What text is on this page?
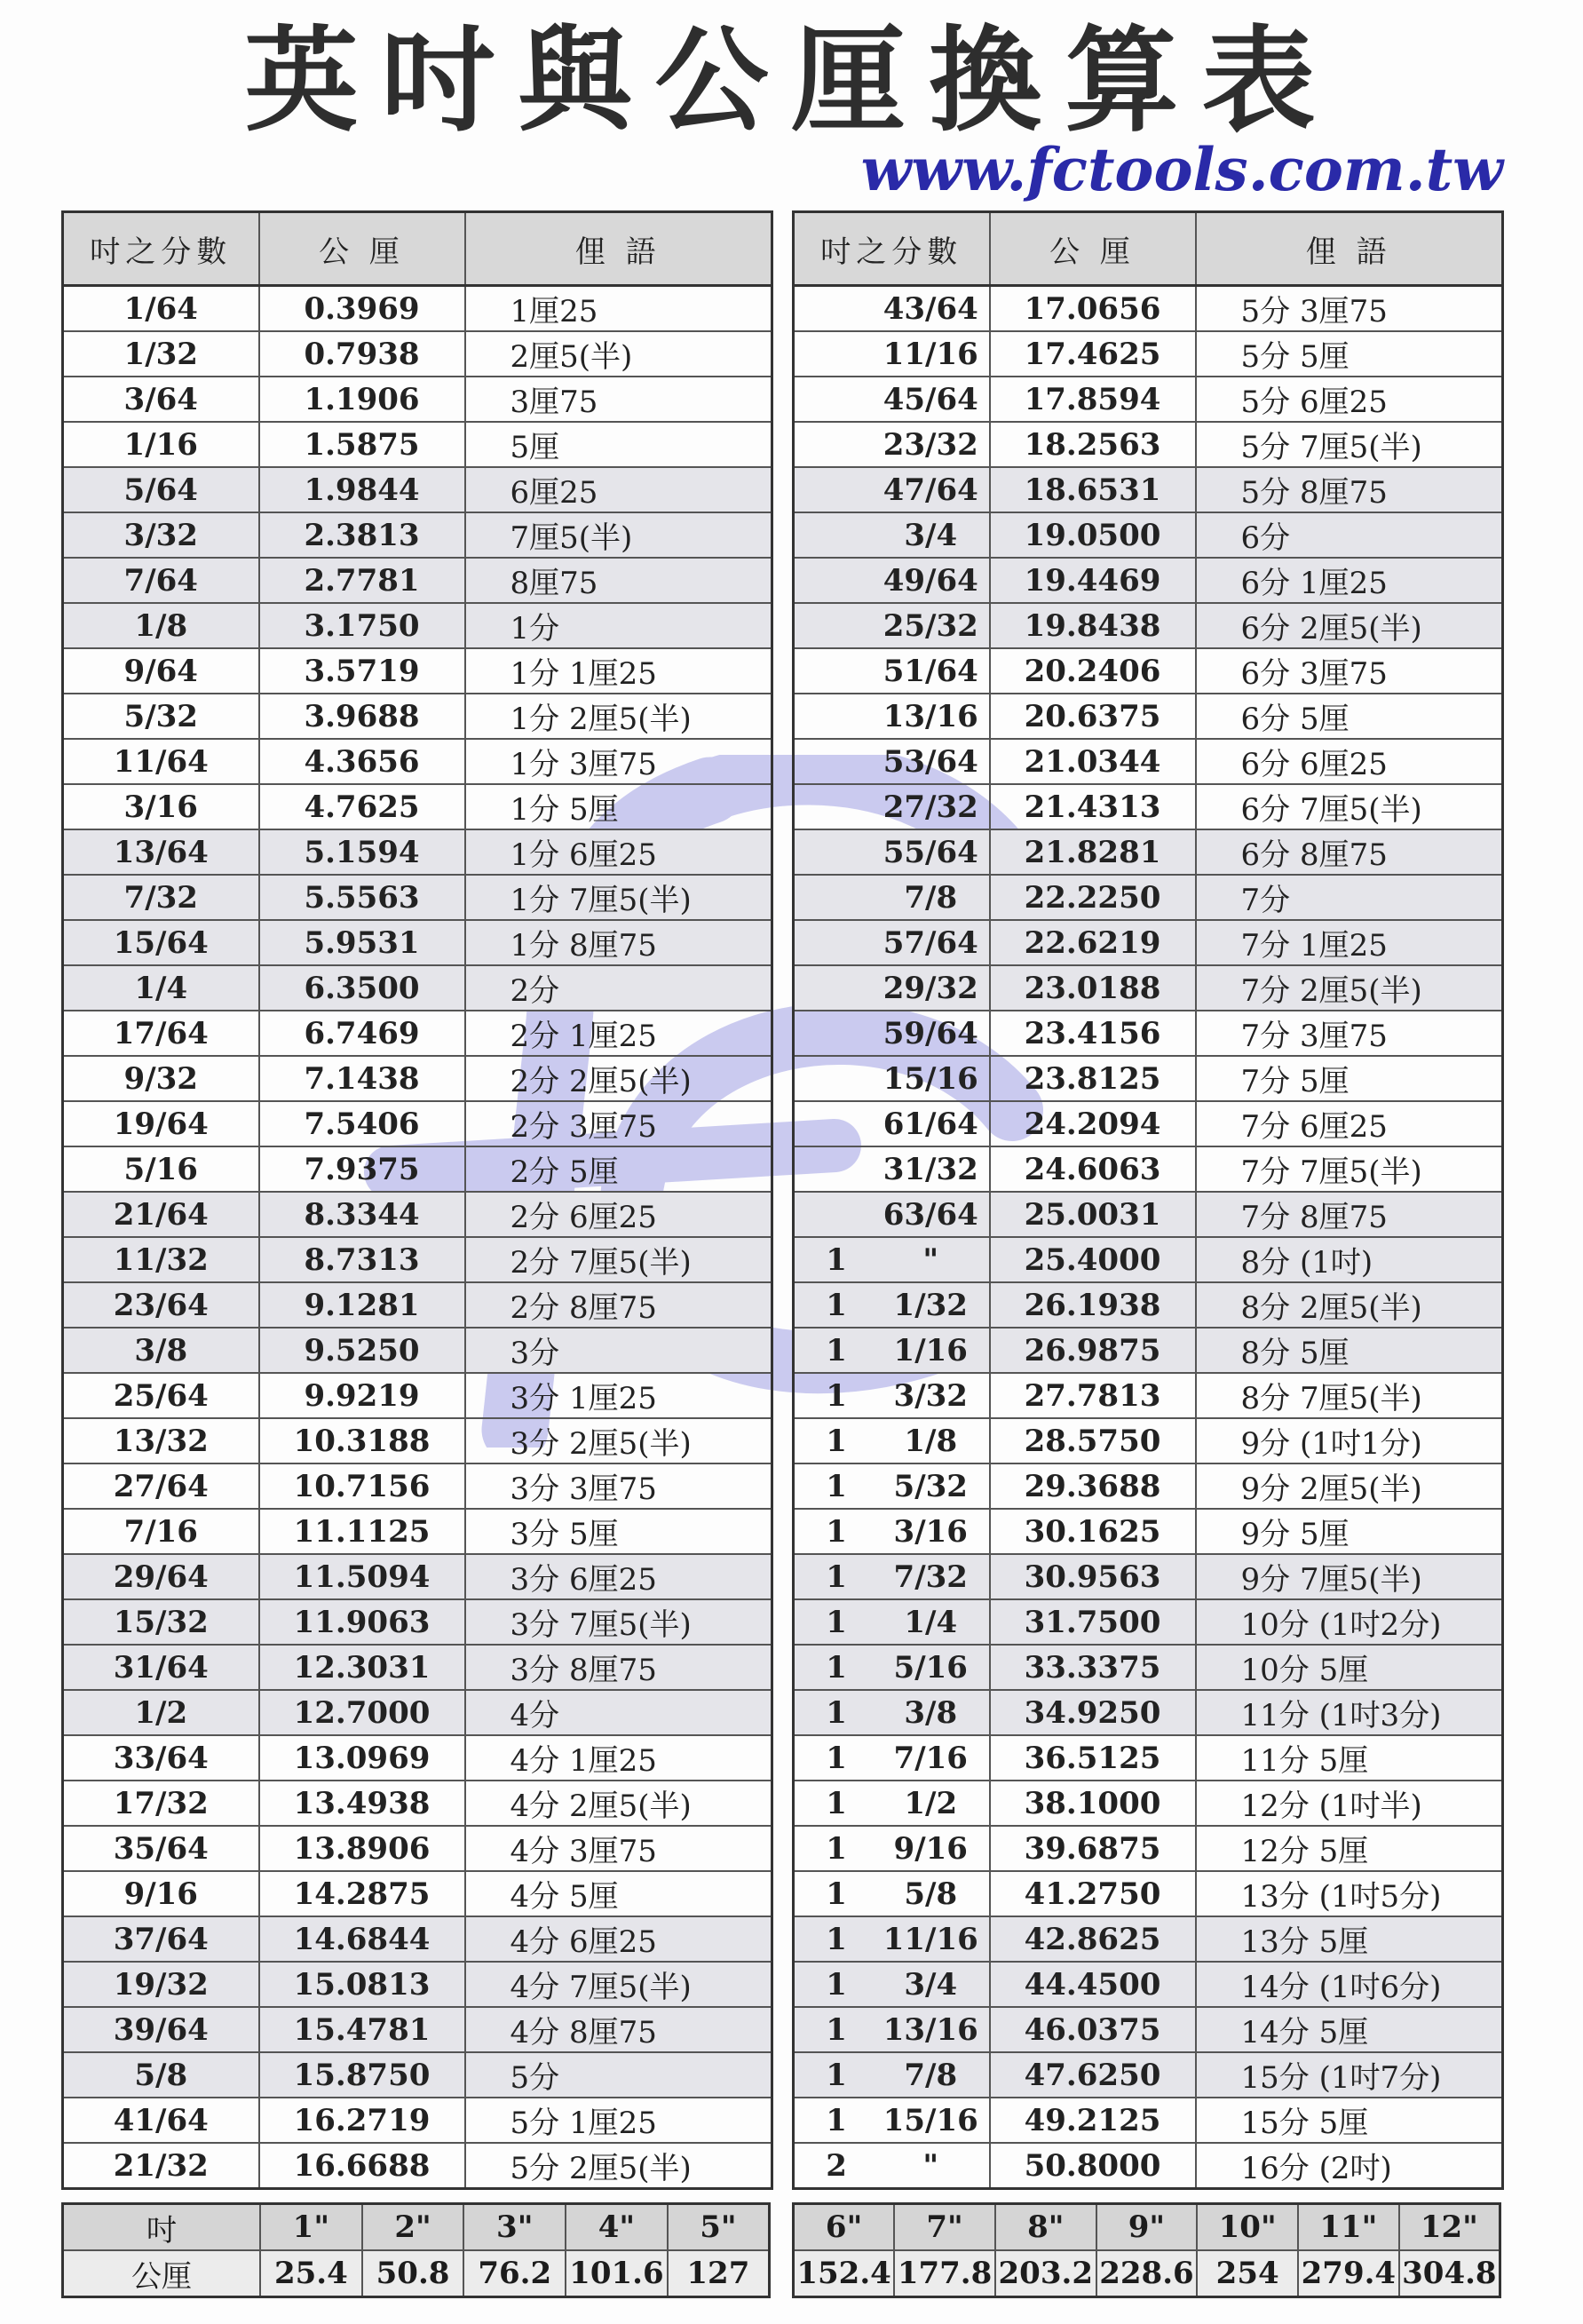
英吋與公厘換算表
www.fctools.com.tw
吋之分數	公 厘	俚 語
1/64	0.3969	1厘25
1/32	0.7938	2厘5(半)
3/64	1.1906	3厘75
1/16	1.5875	5厘
5/64	1.9844	6厘25
3/32	2.3813	7厘5(半)
7/64	2.7781	8厘75
1/8	3.1750	1分
9/64	3.5719	1分 1厘25
5/32	3.9688	1分 2厘5(半)
11/64	4.3656	1分 3厘75
3/16	4.7625	1分 5厘
13/64	5.1594	1分 6厘25
7/32	5.5563	1分 7厘5(半)
15/64	5.9531	1分 8厘75
1/4	6.3500	2分
17/64	6.7469	2分 1厘25
9/32	7.1438	2分 2厘5(半)
19/64	7.5406	2分 3厘75
5/16	7.9375	2分 5厘
21/64	8.3344	2分 6厘25
11/32	8.7313	2分 7厘5(半)
23/64	9.1281	2分 8厘75
3/8	9.5250	3分
25/64	9.9219	3分 1厘25
13/32	10.3188	3分 2厘5(半)
27/64	10.7156	3分 3厘75
7/16	11.1125	3分 5厘
29/64	11.5094	3分 6厘25
15/32	11.9063	3分 7厘5(半)
31/64	12.3031	3分 8厘75
1/2	12.7000	4分
33/64	13.0969	4分 1厘25
17/32	13.4938	4分 2厘5(半)
35/64	13.8906	4分 3厘75
9/16	14.2875	4分 5厘
37/64	14.6844	4分 6厘25
19/32	15.0813	4分 7厘5(半)
39/64	15.4781	4分 8厘75
5/8	15.8750	5分
41/64	16.2719	5分 1厘25
21/32	16.6688	5分 2厘5(半)
吋之分數	公 厘	俚 語
43/64	17.0656	5分 3厘75
11/16	17.4625	5分 5厘
45/64	17.8594	5分 6厘25
23/32	18.2563	5分 7厘5(半)
47/64	18.6531	5分 8厘75
3/4	19.0500	6分
49/64	19.4469	6分 1厘25
25/32	19.8438	6分 2厘5(半)
51/64	20.2406	6分 3厘75
13/16	20.6375	6分 5厘
53/64	21.0344	6分 6厘25
27/32	21.4313	6分 7厘5(半)
55/64	21.8281	6分 8厘75
7/8	22.2250	7分
57/64	22.6219	7分 1厘25
29/32	23.0188	7分 2厘5(半)
59/64	23.4156	7分 3厘75
15/16	23.8125	7分 5厘
61/64	24.2094	7分 6厘25
31/32	24.6063	7分 7厘5(半)
63/64	25.0031	7分 8厘75
1 "	25.4000	8分 (1吋)
1 1/32	26.1938	8分 2厘5(半)
1 1/16	26.9875	8分 5厘
1 3/32	27.7813	8分 7厘5(半)
1 1/8	28.5750	9分 (1吋1分)
1 5/32	29.3688	9分 2厘5(半)
1 3/16	30.1625	9分 5厘
1 7/32	30.9563	9分 7厘5(半)
1 1/4	31.7500	10分 (1吋2分)
1 5/16	33.3375	10分 5厘
1 3/8	34.9250	11分 (1吋3分)
1 7/16	36.5125	11分 5厘
1 1/2	38.1000	12分 (1吋半)
1 9/16	39.6875	12分 5厘
1 5/8	41.2750	13分 (1吋5分)
1 11/16	42.8625	13分 5厘
1 3/4	44.4500	14分 (1吋6分)
1 13/16	46.0375	14分 5厘
1 7/8	47.6250	15分 (1吋7分)
1 15/16	49.2125	15分 5厘
2 "	50.8000	16分 (2吋)
吋	1"	2"	3"	4"	5"
公厘	25.4	50.8	76.2	101.6	127
6"	7"	8"	9"	10"	11"	12"
152.4	177.8	203.2	228.6	254	279.4	304.8
